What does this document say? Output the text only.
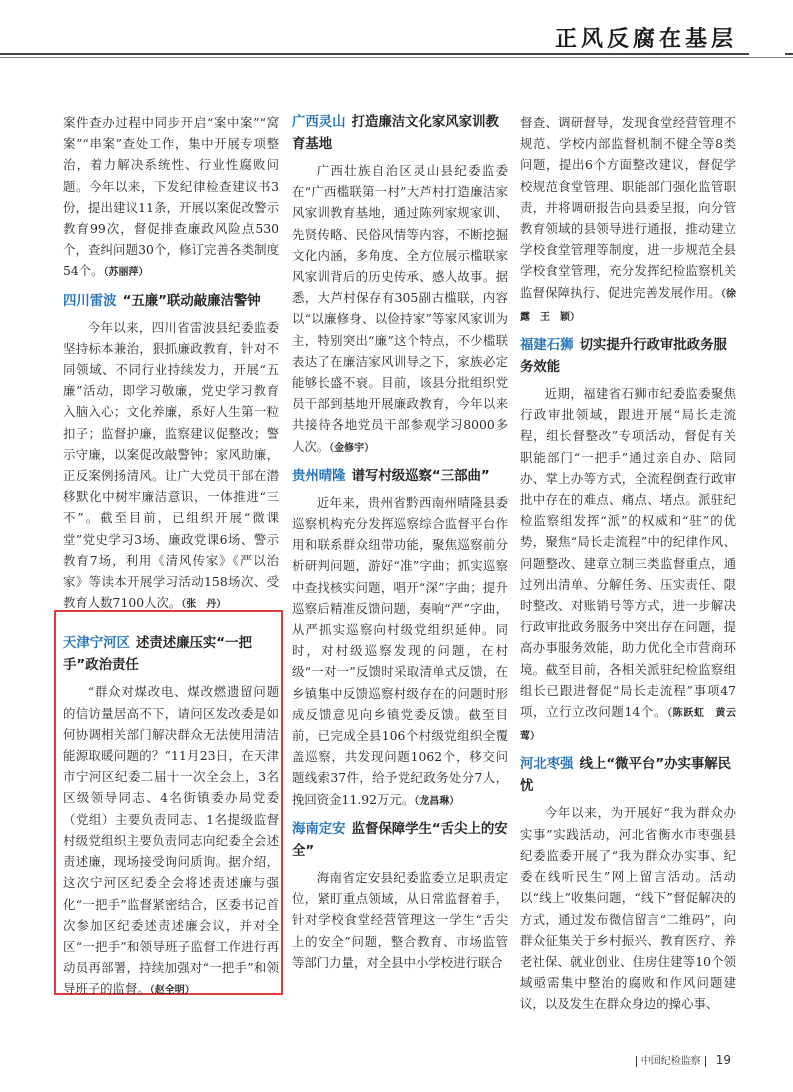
正风反腐在基层

案件查办过程中同步开启“案中案”“窝案”“串案”查处工作，集中开展专项整治，着力解决系统性、行业性腐败问题。今年以来，下发纪律检查建议书3份，提出建议11条，开展以案促改警示教育99次，督促排查廉政风险点530个，查纠问题30个，修订完善各类制度54个。（苏丽萍）

四川雷波 “五廉”联动敲廉洁警钟

今年以来，四川省雷波县纪委监委坚持标本兼治，狠抓廉政教育，针对不同领域、不同行业持续发力，开展“五廉”活动，即学习敬廉，党史学习教育入脑入心；文化养廉，系好人生第一粒扣子；监督护廉，监察建议促整改；警示守廉，以案促改敲警钟；家风助廉，正反案例扬清风。让广大党员干部在潜移默化中树牢廉洁意识，一体推进“三不”。截至目前，已组织开展“微课堂”党史学习3场、廉政党课6场、警示教育7场，利用《清风传家》《严以治家》等读本开展学习活动158场次、受教育人数7100人次。（张　丹）

天津宁河区 述责述廉压实“一把手”政治责任

“群众对煤改电、煤改燃遗留问题的信访量居高不下，请问区发改委是如何协调相关部门解决群众无法使用清洁能源取暖问题的？”11月23日，在天津市宁河区纪委二届十一次全会上，3名区级领导同志、4名街镇委办局党委（党组）主要负责同志、1名提级监督村级党组织主要负责同志向纪委全会述责述廉，现场接受询问质询。据介绍，这次宁河区纪委全会将述责述廉与强化“一把手”监督紧密结合，区委书记首次参加区纪委述责述廉会议，并对全区“一把手”和领导班子监督工作进行再动员再部署，持续加强对“一把手”和领导班子的监督。（赵全明）

广西灵山 打造廉洁文化家风家训教育基地

广西壮族自治区灵山县纪委监委在“广西槛联第一村”大芦村打造廉洁家风家训教育基地，通过陈列家规家训、先贤传略、民俗风情等内容，不断挖掘文化内涵，多角度、全方位展示槛联家风家训背后的历史传承、感人故事。据悉，大芦村保存有305副古槛联，内容以“以廉修身、以俭持家”等家风家训为主，特别突出“廉”这个特点，不少槛联表达了在廉洁家风训导之下，家族必定能够长盛不衰。目前，该县分批组织党员干部到基地开展廉政教育，今年以来共接待各地党员干部参观学习8000多人次。（金修宇）

贵州晴隆 谱写村级巡察“三部曲”

近年来，贵州省黔西南州晴隆县委巡察机构充分发挥巡察综合监督平台作用和联系群众纽带功能，聚焦巡察前分析研判问题，游好“准”字曲；抓实巡察中查找核实问题，唱开“深”字曲；提升巡察后精准反馈问题，奏响“严”字曲，从严抓实巡察向村级党组织延伸。同时，对村级巡察发现的问题，在村级“一对一”反馈时采取清单式反馈，在乡镇集中反馈巡察村级存在的问题时形成反馈意见向乡镇党委反馈。截至目前，已完成全县106个村级党组织全覆盖巡察，共发现问题1062个，移交问题线索37件，给予党纪政务处分7人，挽回资金11.92万元。（龙昌琳）

海南定安 监督保障学生“舌尖上的安全”

海南省定安县纪委监委立足职责定位，紧盯重点领域，从日常监督着手，针对学校食堂经营管理这一学生“舌尖上的安全”问题，整合教育、市场监管等部门力量，对全县中小学校进行联合

督查、调研督导，发现食堂经营管理不规范、学校内部监督机制不健全等8类问题，提出6个方面整改建议，督促学校规范食堂管理、职能部门强化监管职责，并将调研报告向县委呈报，向分管教育领域的县领导进行通报，推动建立学校食堂管理等制度，进一步规范全县学校食堂管理，充分发挥纪检监察机关监督保障执行、促进完善发展作用。（徐　露　王　颖）

福建石狮 切实提升行政审批政务服务效能

近期，福建省石狮市纪委监委聚焦行政审批领域，跟进开展“局长走流程，组长督整改”专项活动，督促有关职能部门“一把手”通过亲自办、陪同办、掌上办等方式，全流程倒查行政审批中存在的难点、痛点、堵点。派驻纪检监察组发挥“派”的权威和“驻”的优势，聚焦“局长走流程”中的纪律作风、问题整改、建章立制三类监督重点，通过列出清单、分解任务、压实责任、限时整改、对账销号等方式，进一步解决行政审批政务服务中突出存在问题，提高办事服务效能，助力优化全市营商环境。截至目前，各相关派驻纪检监察组组长已跟进督促“局长走流程”事项47项，立行立改问题14个。（陈跃虹　黄云莺）

河北枣强 线上“微平台”办实事解民忧

今年以来，为开展好“我为群众办实事”实践活动，河北省衡水市枣强县纪委监委开展了“我为群众办实事、纪委在线听民生”网上留言活动。活动以“线上”收集问题，“线下”督促解决的方式，通过发布微信留言“二维码”，向群众征集关于乡村振兴、教育医疗、养老社保、就业创业、住房住建等10个领域亟需集中整治的腐败和作风问题建议，以及发生在群众身边的操心事、

中国纪检监察 19
